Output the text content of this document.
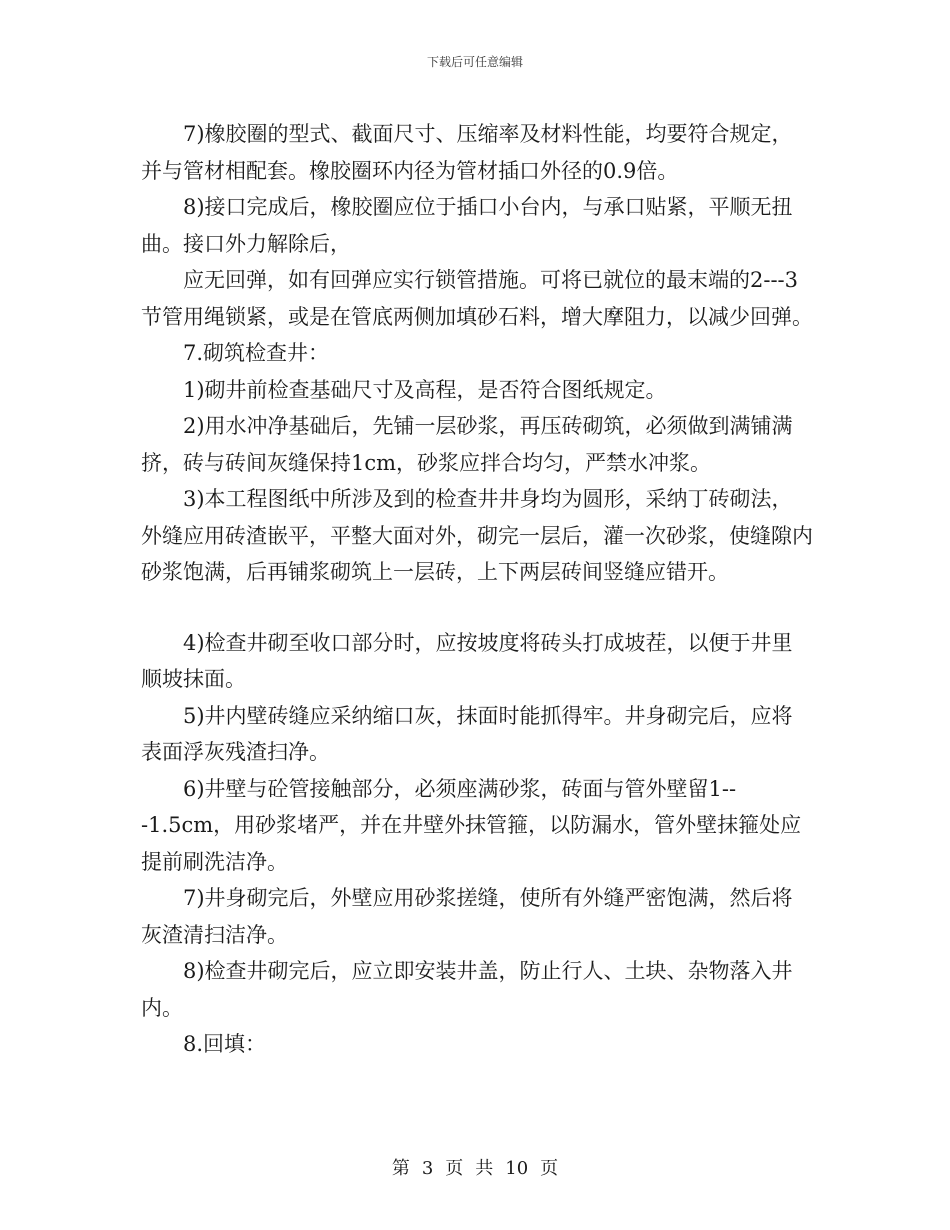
下载后可任意编辑

7)橡胶圈的型式、截面尺寸、压缩率及材料性能，均要符合规定，并与管材相配套。橡胶圈环内径为管材插口外径的0.9倍。

8)接口完成后，橡胶圈应位于插口小台内，与承口贴紧，平顺无扭曲。接口外力解除后，

应无回弹，如有回弹应实行锁管措施。可将已就位的最末端的2---3节管用绳锁紧，或是在管底两侧加填砂石料，增大摩阻力，以减少回弹。

7.砌筑检查井：

1)砌井前检查基础尺寸及高程，是否符合图纸规定。

2)用水冲净基础后，先铺一层砂浆，再压砖砌筑，必须做到满铺满挤，砖与砖间灰缝保持1cm，砂浆应拌合均匀，严禁水冲浆。

3)本工程图纸中所涉及到的检查井井身均为圆形，采纳丁砖砌法，外缝应用砖渣嵌平，平整大面对外，砌完一层后，灌一次砂浆，使缝隙内砂浆饱满，后再铺浆砌筑上一层砖，上下两层砖间竖缝应错开。

4)检查井砌至收口部分时，应按坡度将砖头打成坡茬，以便于井里顺坡抹面。

5)井内壁砖缝应采纳缩口灰，抹面时能抓得牢。井身砌完后，应将表面浮灰残渣扫净。

6)井壁与砼管接触部分，必须座满砂浆，砖面与管外壁留1---1.5cm，用砂浆堵严，并在井壁外抹管箍，以防漏水，管外壁抹箍处应提前刷洗洁净。

7)井身砌完后，外壁应用砂浆搓缝，使所有外缝严密饱满，然后将灰渣清扫洁净。

8)检查井砌完后，应立即安装井盖，防止行人、土块、杂物落入井内。

8.回填：

第 3 页 共 10 页
